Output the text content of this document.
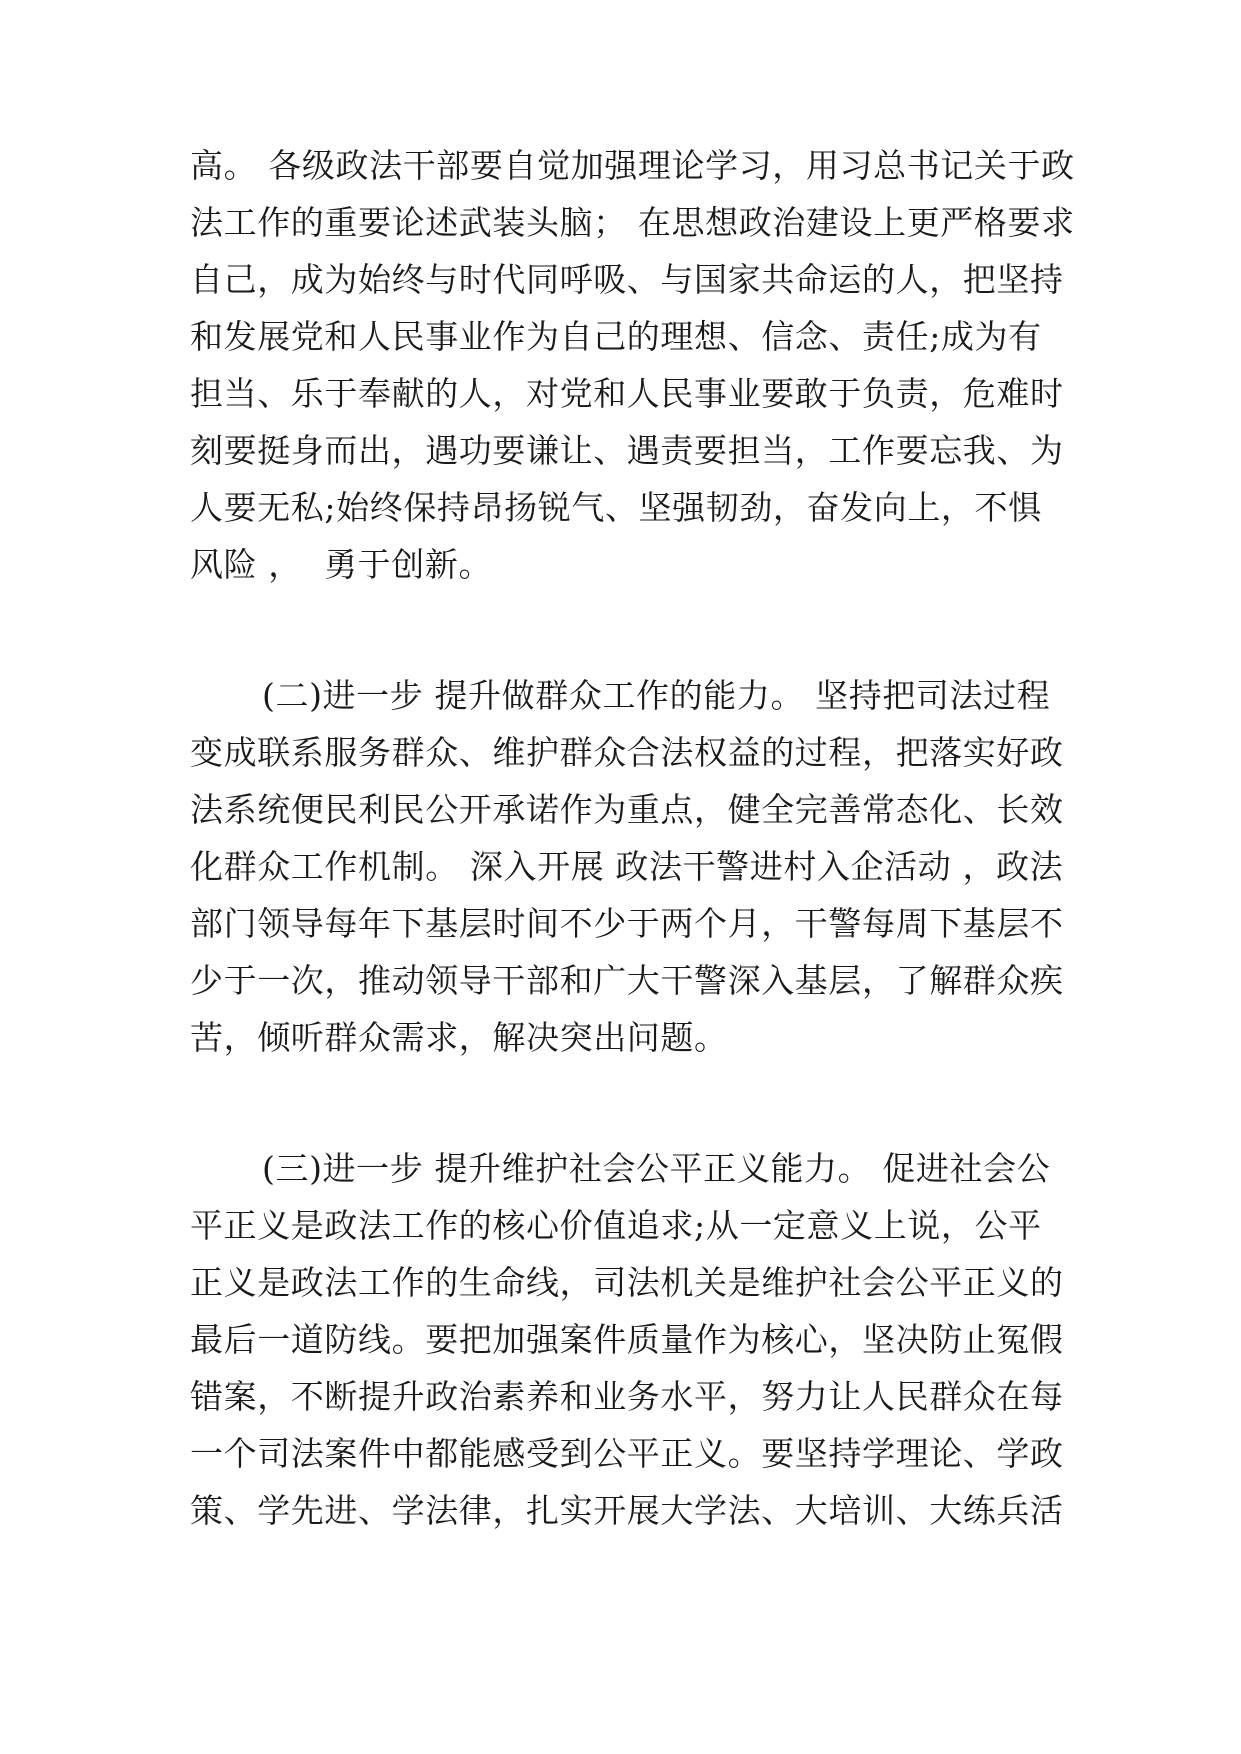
高。 各级政法干部要自觉加强理论学习，用习总书记关于政
法工作的重要论述武装头脑； 在思想政治建设上更严格要求
自己，成为始终与时代同呼吸、与国家共命运的人，把坚持
和发展党和人民事业作为自己的理想、信念、责任;成为有
担当、乐于奉献的人，对党和人民事业要敢于负责，危难时
刻要挺身而出，遇功要谦让、遇责要担当，工作要忘我、为
人要无私;始终保持昂扬锐气、坚强韧劲，奋发向上，不惧
风险 ，  勇于创新。
(二)进一步 提升做群众工作的能力。 坚持把司法过程
变成联系服务群众、维护群众合法权益的过程，把落实好政
法系统便民利民公开承诺作为重点，健全完善常态化、长效
化群众工作机制。 深入开展 政法干警进村入企活动 ，政法
部门领导每年下基层时间不少于两个月，干警每周下基层不
少于一次，推动领导干部和广大干警深入基层，了解群众疾
苦，倾听群众需求，解决突出问题。
(三)进一步 提升维护社会公平正义能力。 促进社会公
平正义是政法工作的核心价值追求;从一定意义上说，公平
正义是政法工作的生命线，司法机关是维护社会公平正义的
最后一道防线。要把加强案件质量作为核心，坚决防止冤假
错案，不断提升政治素养和业务水平，努力让人民群众在每
一个司法案件中都能感受到公平正义。要坚持学理论、学政
策、学先进、学法律，扎实开展大学法、大培训、大练兵活
